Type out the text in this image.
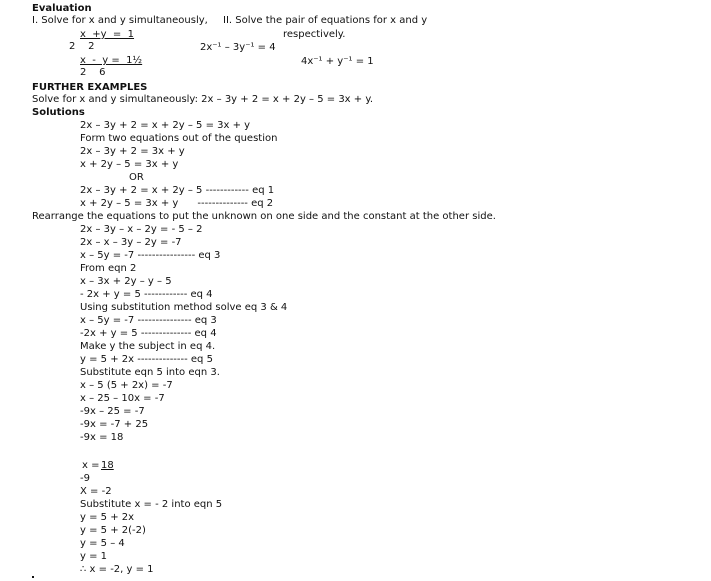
Evaluation
I. Solve for x and y simultaneously, II. Solve the pair of equations for x and y
respectively.
x  +y  =  1
2    2
x  -  y =  1½
2    6
2x⁻¹ – 3y⁻¹ = 4
4x⁻¹ + y⁻¹ = 1
FURTHER EXAMPLES
Solve for x and y simultaneously: 2x – 3y + 2 = x + 2y – 5 = 3x + y.
Solutions
2x – 3y + 2 = x + 2y – 5 = 3x + y
Form two equations out of the question
2x – 3y + 2 = 3x + y
x + 2y – 5 = 3x + y
OR
2x – 3y + 2 = x + 2y – 5 ------------ eq 1
x + 2y – 5 = 3x + y      -------------- eq 2
Rearrange the equations to put the unknown on one side and the constant at the other side.
2x – 3y – x – 2y = - 5 – 2
2x – x – 3y – 2y = -7
x – 5y = -7 ---------------- eq 3
From eqn 2
x – 3x + 2y – y – 5
- 2x + y = 5 ------------ eq 4
Using substitution method solve eq 3 & 4
x – 5y = -7 --------------- eq 3
-2x + y = 5 -------------- eq 4
Make y the subject in eq 4.
y = 5 + 2x -------------- eq 5
Substitute eqn 5 into eqn 3.
x – 5 (5 + 2x) = -7
x – 25 – 10x = -7
-9x – 25 = -7
-9x = -7 + 25
-9x = 18
x =
18
-9
X = -2
Substitute x = - 2 into eqn 5
y = 5 + 2x
y = 5 + 2(-2)
y = 5 – 4
y = 1
∴ x = -2, y = 1
